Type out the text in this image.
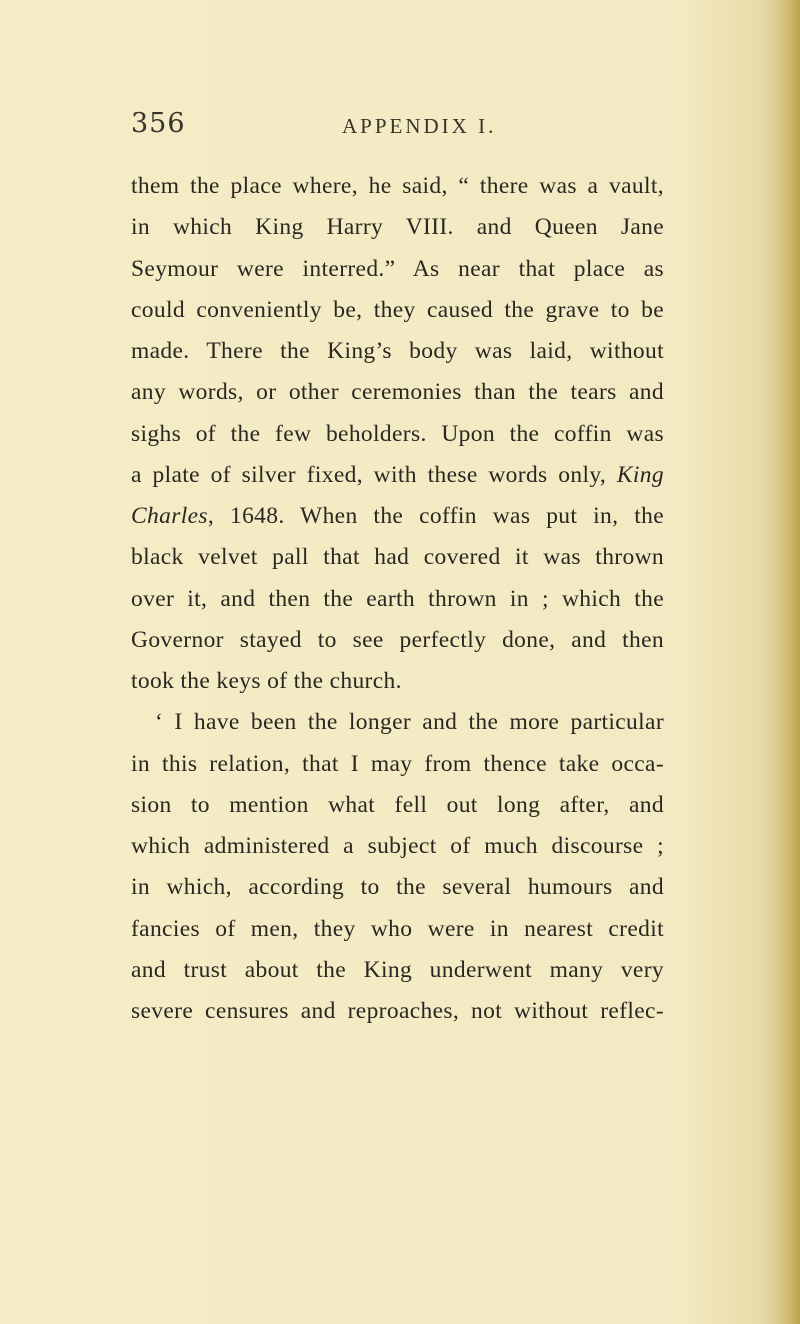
356	APPENDIX I.
them the place where, he said, “ there was a vault,
in which King Harry VIII. and Queen Jane
Seymour were interred.” As near that place as
could conveniently be, they caused the grave to be
made. There the King’s body was laid, without
any words, or other ceremonies than the tears and
sighs of the few beholders. Upon the coffin was
a plate of silver fixed, with these words only, King
Charles, 1648. When the coffin was put in, the
black velvet pall that had covered it was thrown
over it, and then the earth thrown in ; which the
Governor stayed to see perfectly done, and then
took the keys of the church.
‘ I have been the longer and the more particular
in this relation, that I may from thence take occa-
sion to mention what fell out long after, and
which administered a subject of much discourse ;
in which, according to the several humours and
fancies of men, they who were in nearest credit
and trust about the King underwent many very
severe censures and reproaches, not without reflec-
